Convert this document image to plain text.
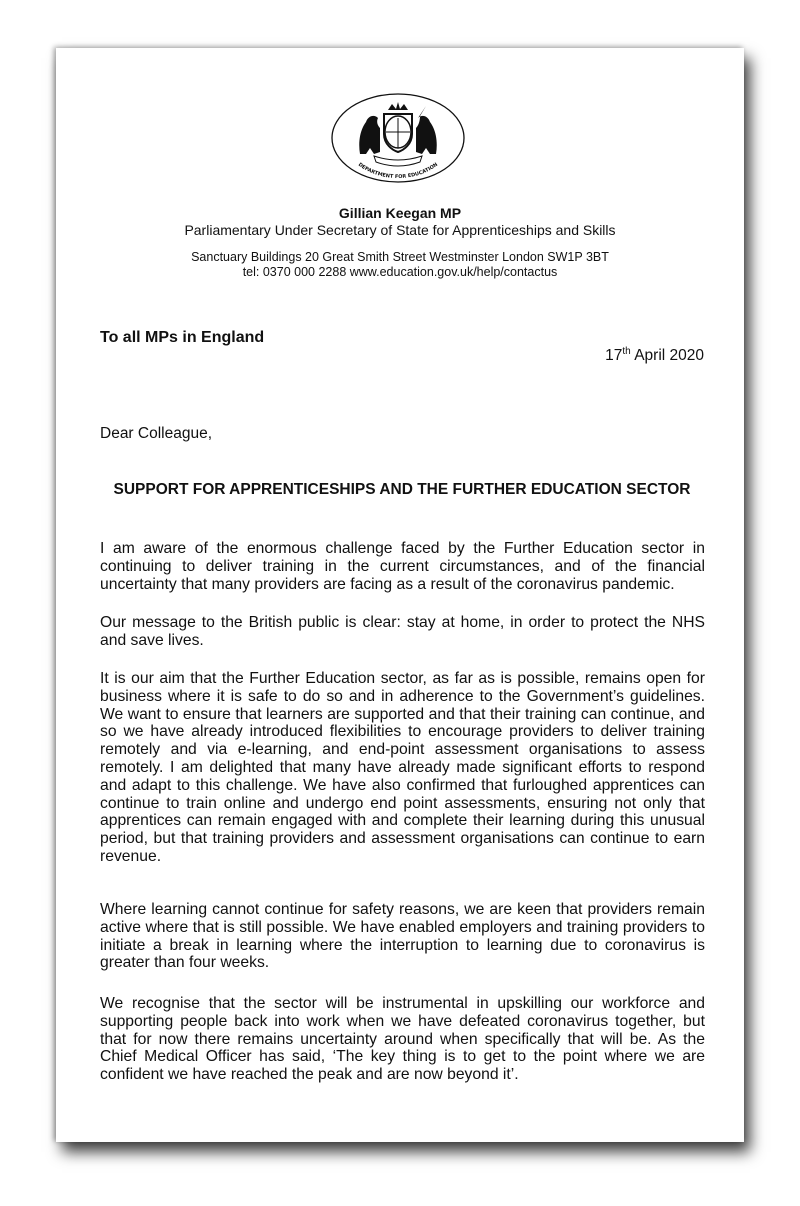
DEPARTMENT FOR EDUCATION
Gillian Keegan MP
Parliamentary Under Secretary of State for Apprenticeships and Skills
Sanctuary Buildings 20 Great Smith Street Westminster London SW1P 3BT
tel: 0370 000 2288 www.education.gov.uk/help/contactus
To all MPs in England
17th April 2020
Dear Colleague,
SUPPORT FOR APPRENTICESHIPS AND THE FURTHER EDUCATION SECTOR
I am aware of the enormous challenge faced by the Further Education sector in continuing to deliver training in the current circumstances, and of the financial uncertainty that many providers are facing as a result of the coronavirus pandemic.
Our message to the British public is clear: stay at home, in order to protect the NHS and save lives.
It is our aim that the Further Education sector, as far as is possible, remains open for business where it is safe to do so and in adherence to the Government’s guidelines. We want to ensure that learners are supported and that their training can continue, and so we have already introduced flexibilities to encourage providers to deliver training remotely and via e-learning, and end-point assessment organisations to assess remotely. I am delighted that many have already made significant efforts to respond and adapt to this challenge. We have also confirmed that furloughed apprentices can continue to train online and undergo end point assessments, ensuring not only that apprentices can remain engaged with and complete their learning during this unusual period, but that training providers and assessment organisations can continue to earn revenue.
Where learning cannot continue for safety reasons, we are keen that providers remain active where that is still possible. We have enabled employers and training providers to initiate a break in learning where the interruption to learning due to coronavirus is greater than four weeks.
We recognise that the sector will be instrumental in upskilling our workforce and supporting people back into work when we have defeated coronavirus together, but that for now there remains uncertainty around when specifically that will be. As the Chief Medical Officer has said, ‘The key thing is to get to the point where we are confident we have reached the peak and are now beyond it’.
